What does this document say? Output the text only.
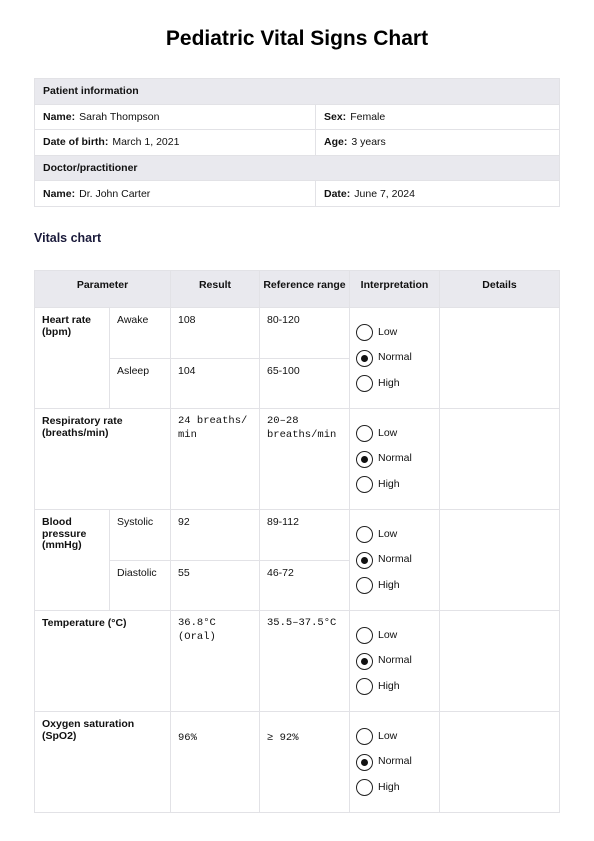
Pediatric Vital Signs Chart
Patient information	
Name: Sarah Thompson	Sex: Female
Date of birth: March 1, 2021	Age: 3 years
Doctor/practitioner	
Name: Dr. John Carter	Date: June 7, 2024
Vitals chart
Parameter		Result	Reference range	Interpretation	Details
Heart rate (bpm)	Awake	108	80-120	Low
Normal
High	

	Asleep	104	65-100		
Respiratory rate (breaths/min)		24 breaths/ min	20–28 breaths/min	Low
Normal
High	

Blood pressure (mmHg)	Systolic	92	89-112	Low
Normal
High	

	Diastolic	55	46-72		
Temperature (°C)		36.8°C (Oral)	35.5–37.5°C	Low
Normal
High	

Oxygen saturation (SpO2)		96%	≥ 92%	Low
Normal
High	
